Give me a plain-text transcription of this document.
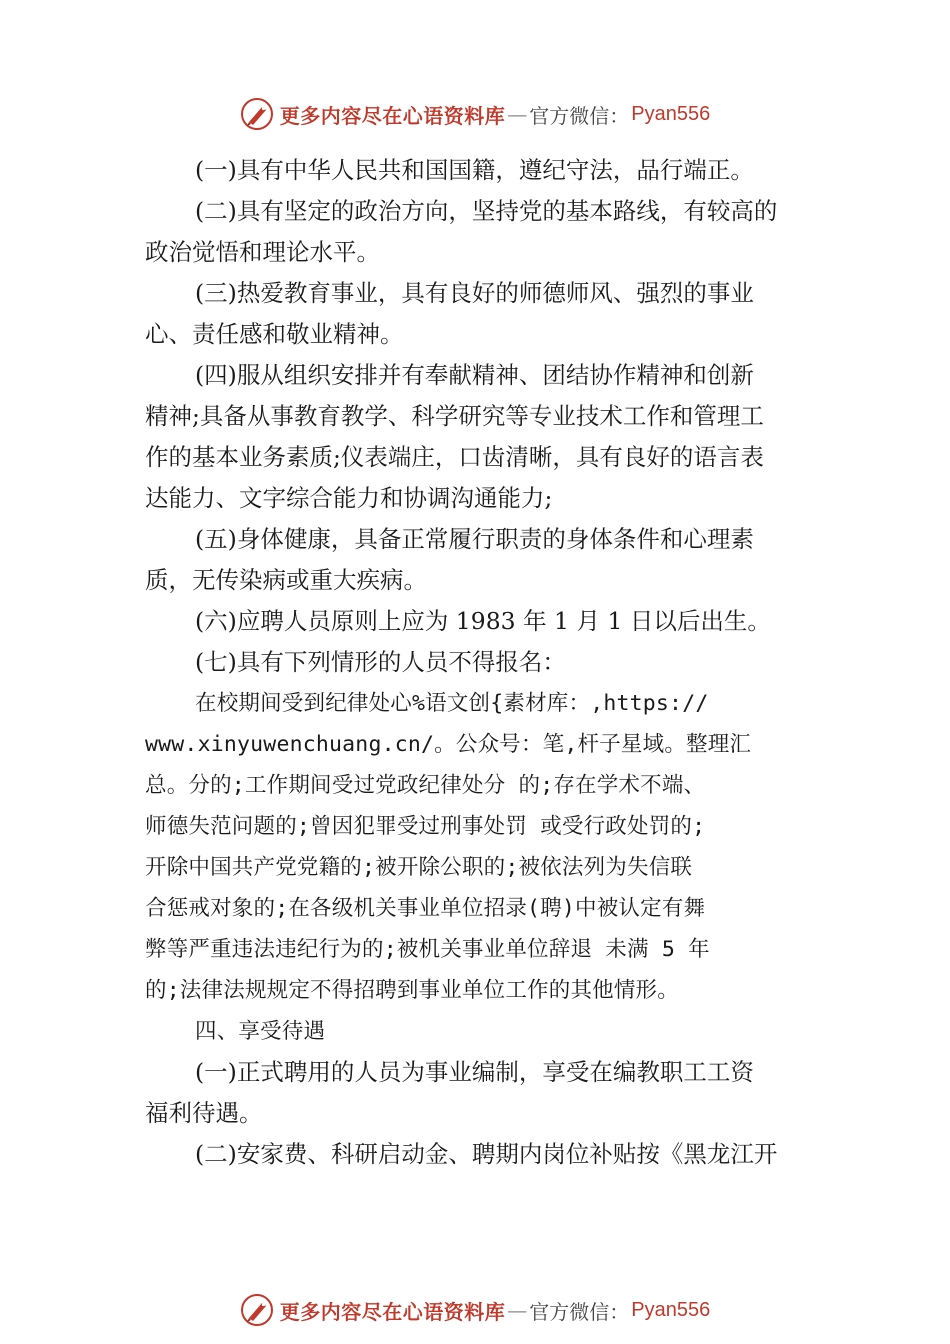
更多内容尽在心语资料库 — 官方微信： Pyan556
(一)具有中华人民共和国国籍，遵纪守法，品行端正。
(二)具有坚定的政治方向，坚持党的基本路线，有较高的
政治觉悟和理论水平。
(三)热爱教育事业，具有良好的师德师风、强烈的事业
心、责任感和敬业精神。
(四)服从组织安排并有奉献精神、团结协作精神和创新
精神;具备从事教育教学、科学研究等专业技术工作和管理工
作的基本业务素质;仪表端庄，口齿清晰，具有良好的语言表
达能力、文字综合能力和协调沟通能力;
(五)身体健康，具备正常履行职责的身体条件和心理素
质，无传染病或重大疾病。
(六)应聘人员原则上应为 1983 年 1 月 1 日以后出生。
(七)具有下列情形的人员不得报名：
在校期间受到纪律处心%语文创{素材库：,https://
www.xinyuwenchuang.cn/。公众号：笔,杆子星域。整理汇
总。分的;工作期间受过党政纪律处分 的;存在学术不端、
师德失范问题的;曾因犯罪受过刑事处罚 或受行政处罚的;
开除中国共产党党籍的;被开除公职的;被依法列为失信联
合惩戒对象的;在各级机关事业单位招录(聘)中被认定有舞
弊等严重违法违纪行为的;被机关事业单位辞退 未满 5 年
的;法律法规规定不得招聘到事业单位工作的其他情形。
四、享受待遇
(一)正式聘用的人员为事业编制，享受在编教职工工资
福利待遇。
(二)安家费、科研启动金、聘期内岗位补贴按《黑龙江开
更多内容尽在心语资料库 — 官方微信： Pyan556
